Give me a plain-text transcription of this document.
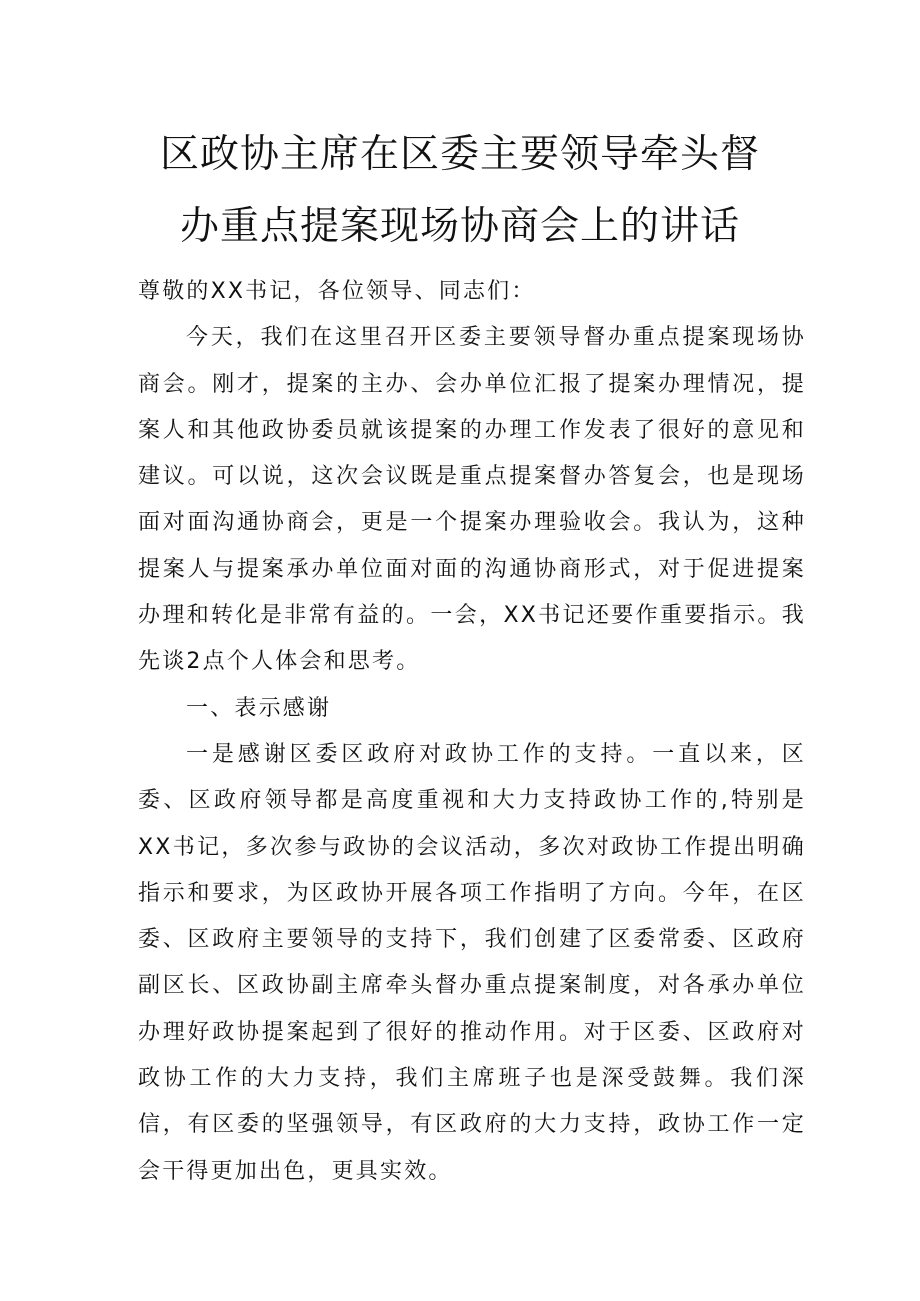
区政协主席在区委主要领导牵头督
办重点提案现场协商会上的讲话

尊敬的XX书记，各位领导、同志们：

今天，我们在这里召开区委主要领导督办重点提案现场协商会。刚才，提案的主办、会办单位汇报了提案办理情况，提案人和其他政协委员就该提案的办理工作发表了很好的意见和建议。可以说，这次会议既是重点提案督办答复会，也是现场面对面沟通协商会，更是一个提案办理验收会。我认为，这种提案人与提案承办单位面对面的沟通协商形式，对于促进提案办理和转化是非常有益的。一会，XX书记还要作重要指示。我先谈2点个人体会和思考。

一、表示感谢

一是感谢区委区政府对政协工作的支持。一直以来，区委、区政府领导都是高度重视和大力支持政协工作的,特别是XX书记，多次参与政协的会议活动，多次对政协工作提出明确指示和要求，为区政协开展各项工作指明了方向。今年，在区委、区政府主要领导的支持下，我们创建了区委常委、区政府副区长、区政协副主席牵头督办重点提案制度，对各承办单位办理好政协提案起到了很好的推动作用。对于区委、区政府对政协工作的大力支持，我们主席班子也是深受鼓舞。我们深信，有区委的坚强领导，有区政府的大力支持，政协工作一定会干得更加出色，更具实效。
